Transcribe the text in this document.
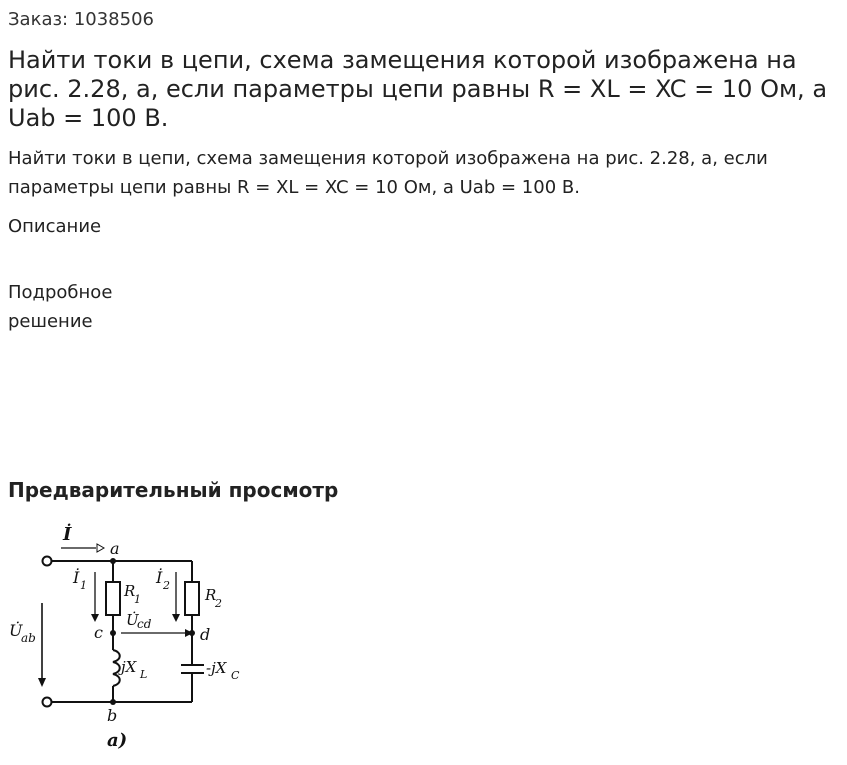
Заказ: 1038506
Найти токи в цепи, схема замещения которой изображена на рис. 2.28, а, если параметры цепи равны R = XL = XC = 10 Ом, а Uab = 100 В.
Найти токи в цепи, схема замещения которой изображена на рис. 2.28, а, если параметры цепи равны R = XL = XC = 10 Ом, а Uab = 100 В.
Описание
Подробное решение
Предварительный просмотр
İ
a
İ 1	İ 2
R
1	R
2
U̇
cd
c	d
U̇
ab
jX L	-jX C
b
a)
